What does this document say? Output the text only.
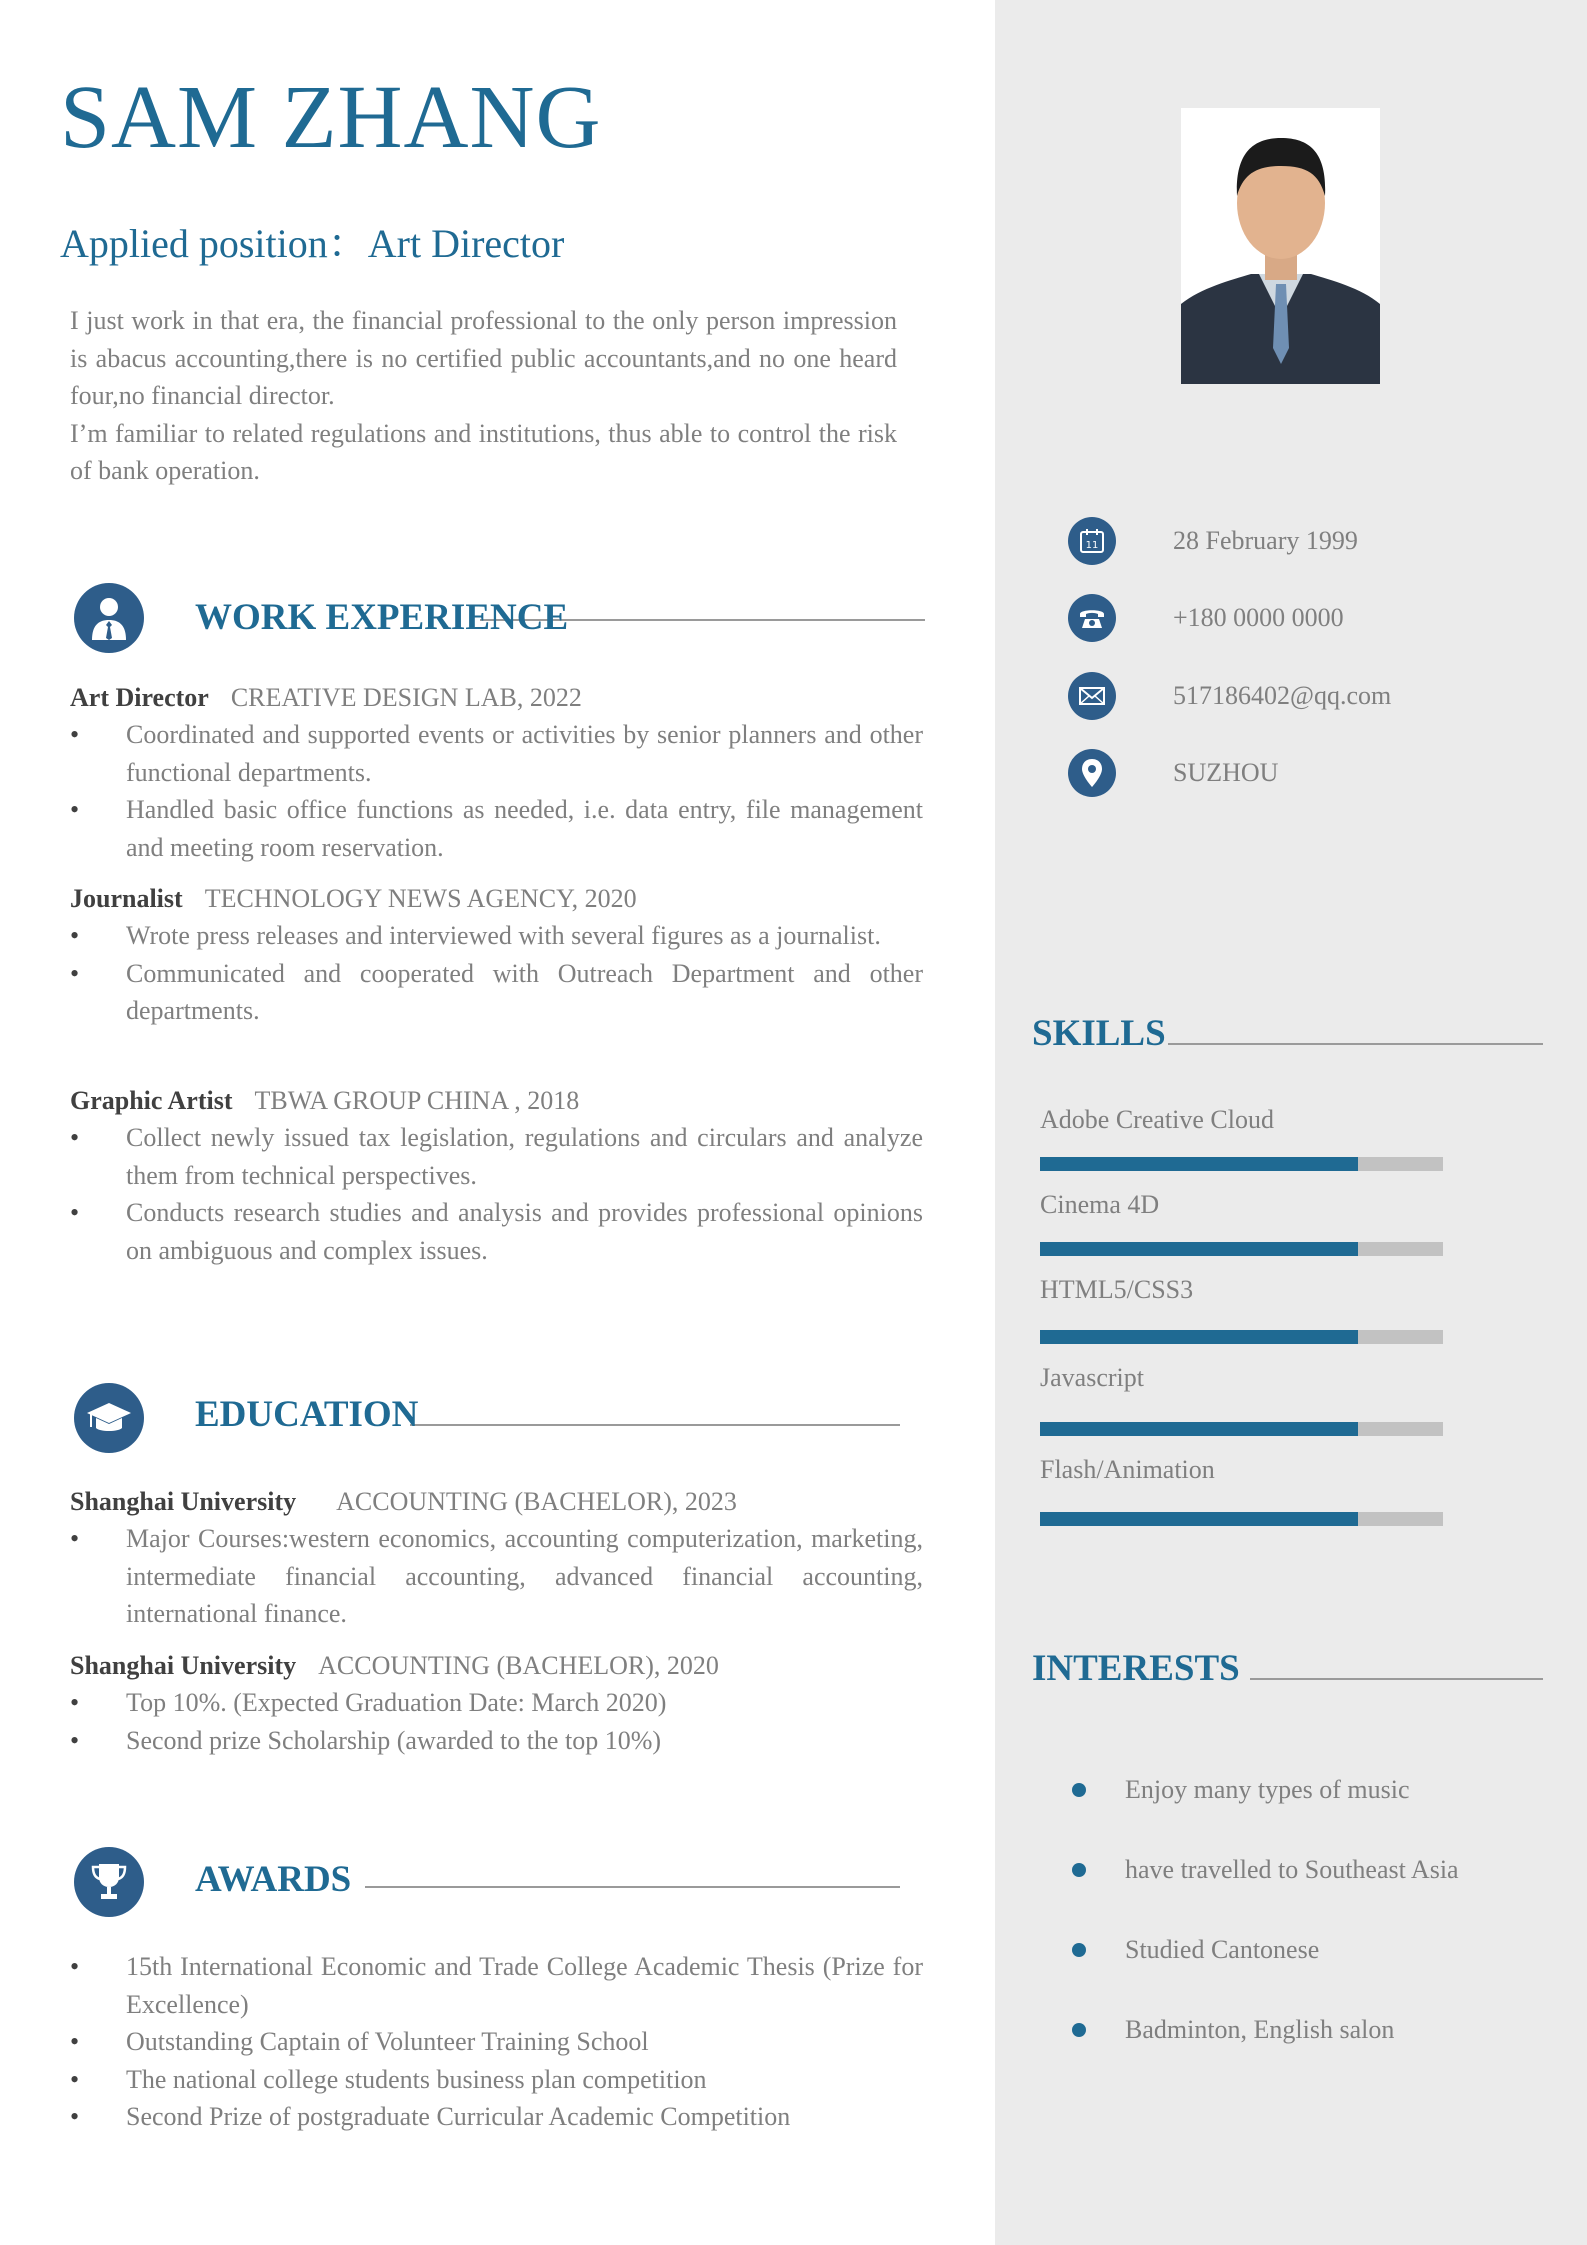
SAM ZHANG
Applied position：Art Director

I just work in that era, the financial professional to the only person impression is abacus accounting,there is no certified public accountants,and no one heard four,no financial director.

I’m familiar to related regulations and institutions, thus able to control the risk of bank operation.

WORK EXPERIENCE
Art Director CREATIVE DESIGN LAB, 2022
• Coordinated and supported events or activities by senior planners and other functional departments.
• Handled basic office functions as needed, i.e. data entry, file management and meeting room reservation.
Journalist TECHNOLOGY NEWS AGENCY, 2020
• Wrote press releases and interviewed with several figures as a journalist.
• Communicated and cooperated with Outreach Department and other departments.
Graphic Artist TBWA GROUP CHINA , 2018
• Collect newly issued tax legislation, regulations and circulars and analyze them from technical perspectives.
• Conducts research studies and analysis and provides professional opinions on ambiguous and complex issues.
EDUCATION
Shanghai University ACCOUNTING (BACHELOR), 2023
• Major Courses:western economics, accounting computerization, marketing, intermediate financial accounting, advanced financial accounting, international finance.
Shanghai University ACCOUNTING (BACHELOR), 2020
• Top 10%. (Expected Graduation Date: March 2020)
• Second prize Scholarship (awarded to the top 10%)
AWARDS
• 15th International Economic and Trade College Academic Thesis (Prize for Excellence)
• Outstanding Captain of Volunteer Training School
• The national college students business plan competition
• Second Prize of postgraduate Curricular Academic Competition
11	28 February 1999
+180 0000 0000
517186402@qq.com
SUZHOU
SKILLS
Adobe Creative Cloud
Cinema 4D
HTML5/CSS3
Javascript
Flash/Animation
INTERESTS
Enjoy many types of music
have travelled to Southeast Asia
Studied Cantonese
Badminton, English salon
